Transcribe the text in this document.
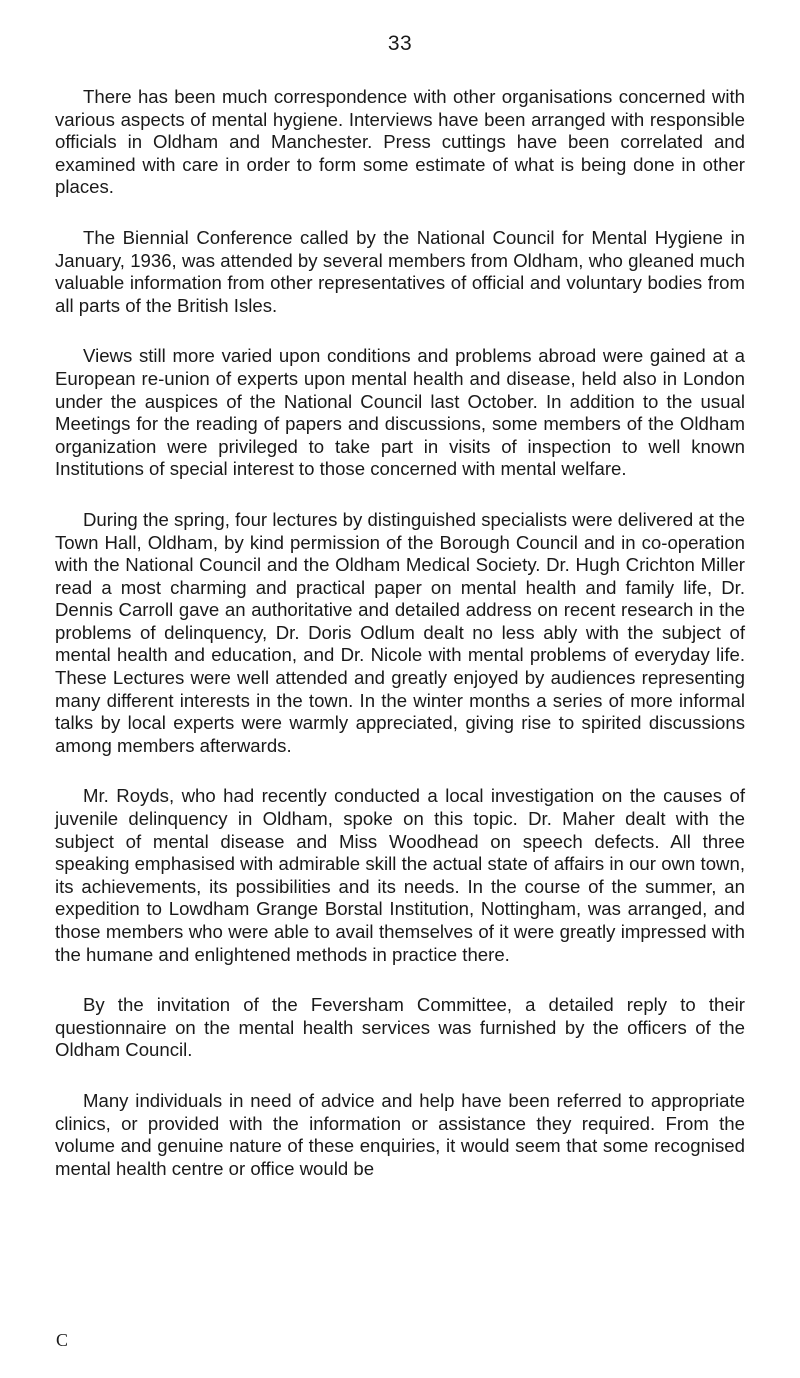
33

There has been much correspondence with other organisations concerned with various aspects of mental hygiene. Interviews have been arranged with responsible officials in Oldham and Manchester. Press cuttings have been correlated and examined with care in order to form some estimate of what is being done in other places.

The Biennial Conference called by the National Council for Mental Hygiene in January, 1936, was attended by several members from Oldham, who gleaned much valuable information from other representatives of official and voluntary bodies from all parts of the British Isles.

Views still more varied upon conditions and problems abroad were gained at a European re-union of experts upon mental health and disease, held also in London under the auspices of the National Council last October. In addition to the usual Meetings for the reading of papers and discussions, some members of the Oldham organization were privileged to take part in visits of inspection to well known Institutions of special interest to those concerned with mental welfare.

During the spring, four lectures by distinguished specialists were delivered at the Town Hall, Oldham, by kind permission of the Borough Council and in co-operation with the National Council and the Oldham Medical Society. Dr. Hugh Crichton Miller read a most charming and practical paper on mental health and family life, Dr. Dennis Carroll gave an authoritative and detailed address on recent research in the problems of delinquency, Dr. Doris Odlum dealt no less ably with the subject of mental health and education, and Dr. Nicole with mental problems of everyday life. These Lectures were well attended and greatly enjoyed by audiences representing many different interests in the town. In the winter months a series of more informal talks by local experts were warmly appreciated, giving rise to spirited discussions among members afterwards.

Mr. Royds, who had recently conducted a local investigation on the causes of juvenile delinquency in Oldham, spoke on this topic. Dr. Maher dealt with the subject of mental disease and Miss Woodhead on speech defects. All three speaking emphasised with admirable skill the actual state of affairs in our own town, its achievements, its possibilities and its needs. In the course of the summer, an expedition to Lowdham Grange Borstal Institution, Nottingham, was arranged, and those members who were able to avail themselves of it were greatly impressed with the humane and enlightened methods in practice there.

By the invitation of the Feversham Committee, a detailed reply to their questionnaire on the mental health services was furnished by the officers of the Oldham Council.

Many individuals in need of advice and help have been referred to appropriate clinics, or provided with the information or assistance they required. From the volume and genuine nature of these enquiries, it would seem that some recognised mental health centre or office would be

C
